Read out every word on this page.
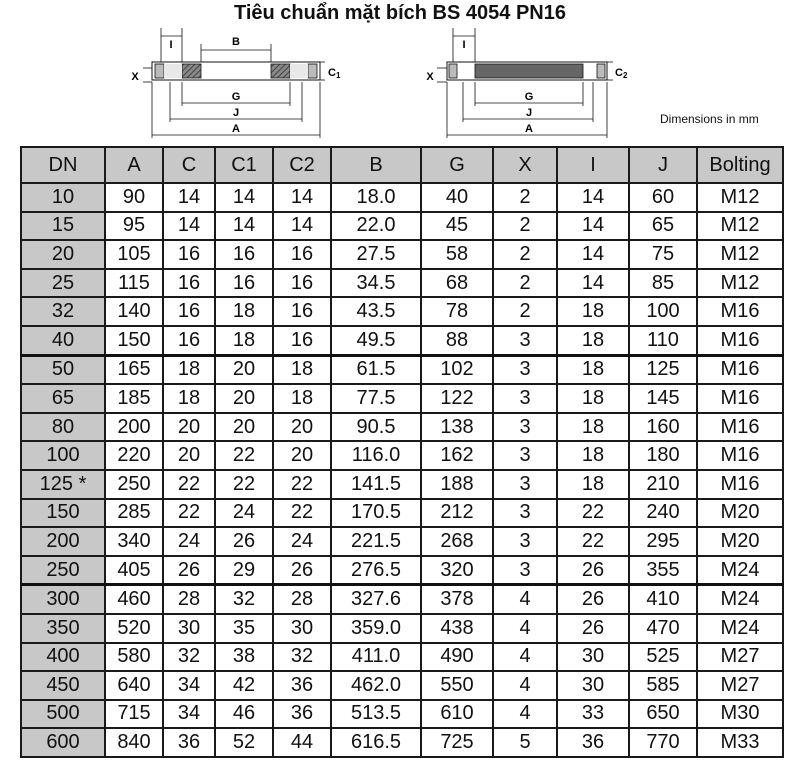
Tiêu chuẩn mặt bích BS 4054 PN16
I	B
X	C1
G
J
A
I
X	C2
G
J
A
Dimensions in mm
DN	A	C	C1	C2	B	G	X	I	J	Bolting
10	90	14	14	14	18.0	40	2	14	60	M12
15	95	14	14	14	22.0	45	2	14	65	M12
20	105	16	16	16	27.5	58	2	14	75	M12
25	115	16	16	16	34.5	68	2	14	85	M12
32	140	16	18	16	43.5	78	2	18	100	M16
40	150	16	18	16	49.5	88	3	18	110	M16
50	165	18	20	18	61.5	102	3	18	125	M16
65	185	18	20	18	77.5	122	3	18	145	M16
80	200	20	20	20	90.5	138	3	18	160	M16
100	220	20	22	20	116.0	162	3	18	180	M16
125 *	250	22	22	22	141.5	188	3	18	210	M16
150	285	22	24	22	170.5	212	3	22	240	M20
200	340	24	26	24	221.5	268	3	22	295	M20
250	405	26	29	26	276.5	320	3	26	355	M24
300	460	28	32	28	327.6	378	4	26	410	M24
350	520	30	35	30	359.0	438	4	26	470	M24
400	580	32	38	32	411.0	490	4	30	525	M27
450	640	34	42	36	462.0	550	4	30	585	M27
500	715	34	46	36	513.5	610	4	33	650	M30
600	840	36	52	44	616.5	725	5	36	770	M33
